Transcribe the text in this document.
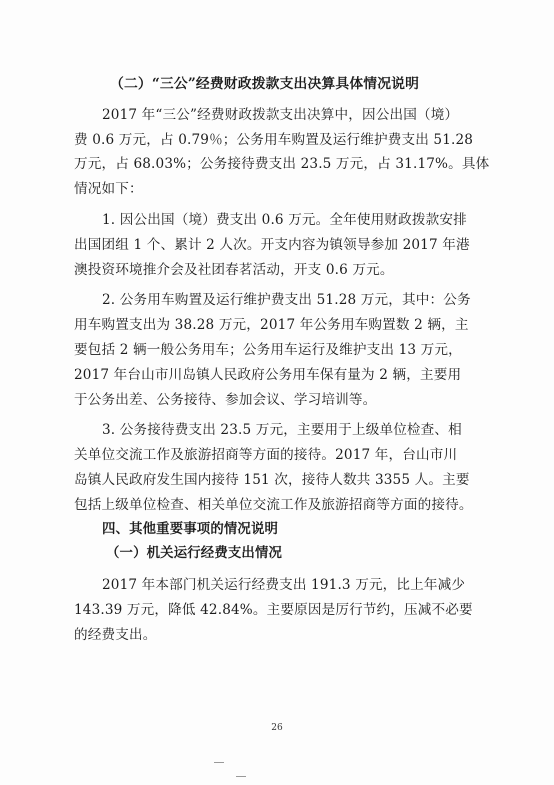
（二）“三公”经费财政拨款支出决算具体情况说明
2017 年“三公”经费财政拨款支出决算中，因公出国（境）
费 0.6 万元，占 0.79％；公务用车购置及运行维护费支出 51.28
万元，占 68.03%；公务接待费支出 23.5 万元，占 31.17%。具体
情况如下：
1. 因公出国（境）费支出 0.6 万元。全年使用财政拨款安排
出国团组 1 个、累计 2 人次。开支内容为镇领导参加 2017 年港
澳投资环境推介会及社团春茗活动，开支 0.6 万元。
2. 公务用车购置及运行维护费支出 51.28 万元，其中：公务
用车购置支出为 38.28 万元，2017 年公务用车购置数 2 辆，主
要包括 2 辆一般公务用车；公务用车运行及维护支出 13 万元，
2017 年台山市川岛镇人民政府公务用车保有量为 2 辆，主要用
于公务出差、公务接待、参加会议、学习培训等。
3. 公务接待费支出 23.5 万元，主要用于上级单位检查、相
关单位交流工作及旅游招商等方面的接待。2017 年，台山市川
岛镇人民政府发生国内接待 151 次，接待人数共 3355 人。主要
包括上级单位检查、相关单位交流工作及旅游招商等方面的接待。
四、其他重要事项的情况说明
（一）机关运行经费支出情况
2017 年本部门机关运行经费支出 191.3 万元，比上年减少
143.39 万元，降低 42.84%。主要原因是厉行节约，压减不必要
的经费支出。
26
